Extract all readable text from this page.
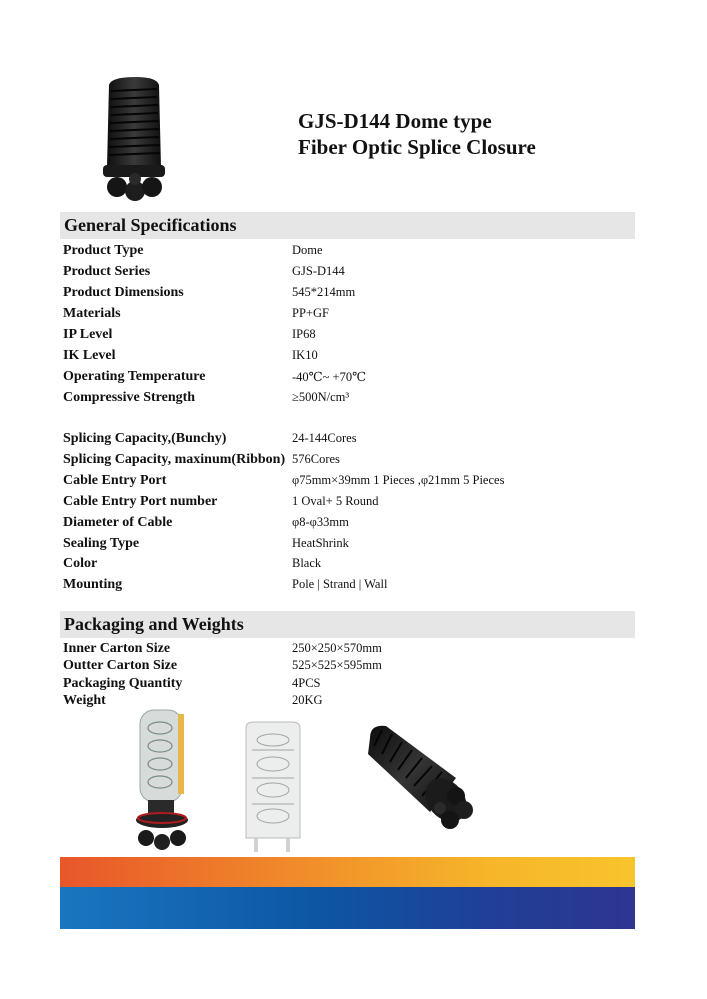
GJS-D144 Dome type
Fiber Optic Splice Closure
General Specifications
Product Type	Dome
Product Series	GJS-D144
Product Dimensions	545*214mm
Materials	PP+GF
IP Level	IP68
IK Level	IK10
Operating Temperature	-40℃~ +70℃
Compressive Strength	≥500N/cm³
Splicing Capacity,(Bunchy)	24-144Cores
Splicing Capacity, maxinum(Ribbon) 576Cores
Cable Entry Port	φ75mm×39mm 1 Pieces ,φ21mm 5 Pieces
Cable Entry Port number	1 Oval+ 5 Round
Diameter of Cable	φ8-φ33mm
Sealing Type	HeatShrink
Color	Black
Mounting	Pole | Strand | Wall
Packaging and Weights
Inner Carton Size	250×250×570mm
Outter Carton Size	525×525×595mm
Packaging Quantity	4PCS
Weight	20KG
